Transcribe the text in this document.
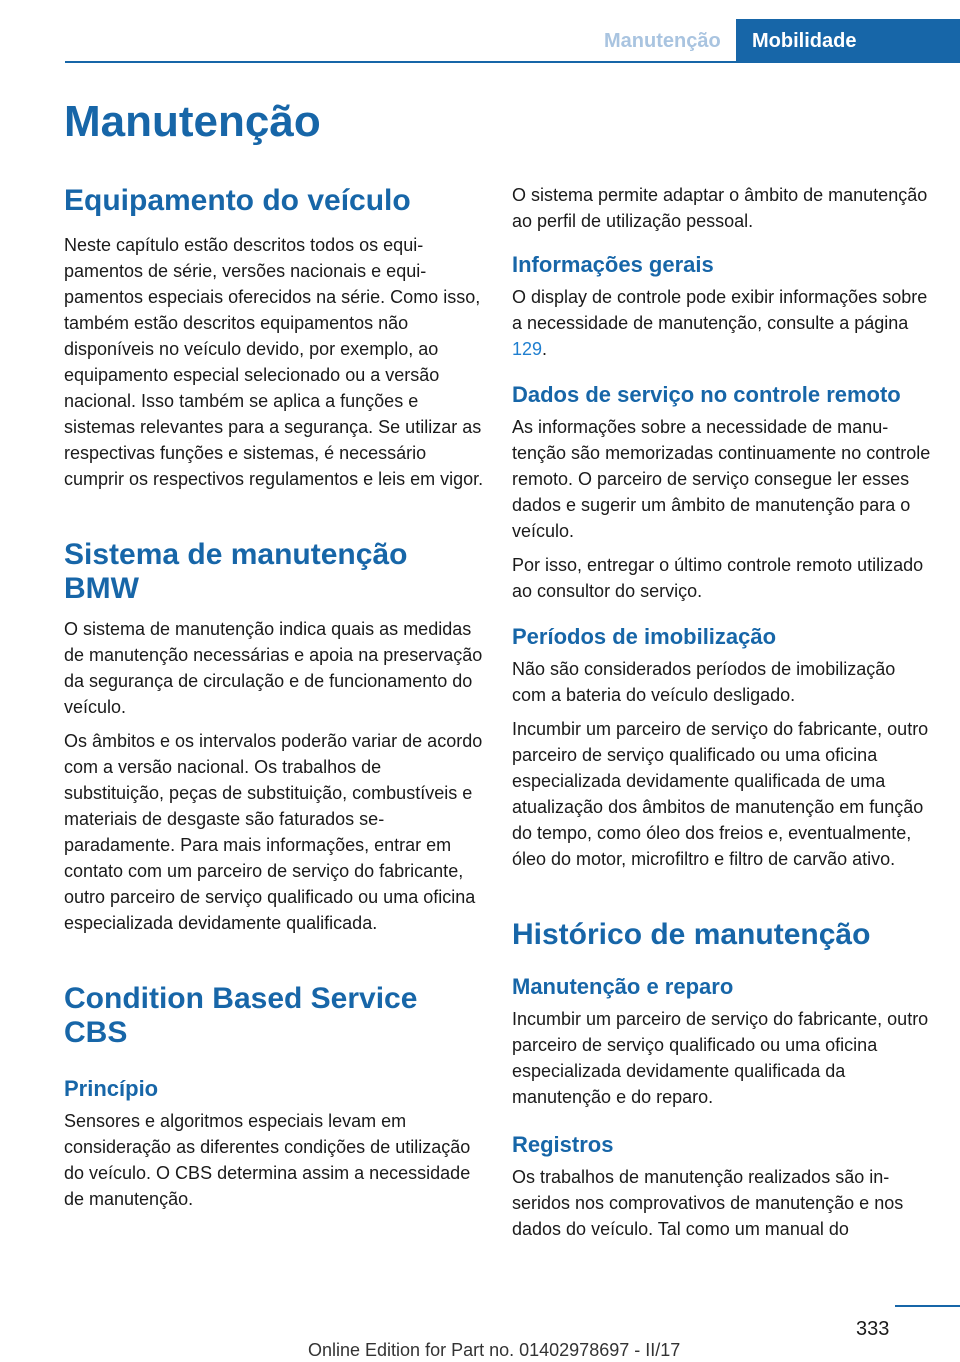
Manutenção Mobilidade
Manutenção
Equipamento do veículo

Neste capítulo estão descritos todos os equipamentos de série, versões nacionais e equipamentos especiais oferecidos na série. Como isso, também estão descritos equipamentos não disponíveis no veículo devido, por exemplo, ao equipamento especial selecionado ou a versão nacional. Isso também se aplica a funções e sistemas relevantes para a segurança. Se utilizar as respectivas funções e sistemas, é necessário cumprir os respectivos regulamentos e leis em vigor.

Sistema de manutenção BMW

O sistema de manutenção indica quais as medidas de manutenção necessárias e apoia na preservação da segurança de circulação e de funcionamento do veículo.

Os âmbitos e os intervalos poderão variar de acordo com a versão nacional. Os trabalhos de substituição, peças de substituição, combustíveis e materiais de desgaste são faturados separadamente. Para mais informações, entrar em contato com um parceiro de serviço do fabricante, outro parceiro de serviço qualificado ou uma oficina especializada devidamente qualificada.

Condition Based Service CBS
Princípio

Sensores e algoritmos especiais levam em consideração as diferentes condições de utilização do veículo. O CBS determina assim a necessidade de manutenção.

O sistema permite adaptar o âmbito de manutenção ao perfil de utilização pessoal.

Informações gerais

O display de controle pode exibir informações sobre a necessidade de manutenção, consulte a página 129.

Dados de serviço no controle remoto

As informações sobre a necessidade de manutenção são memorizadas continuamente no controle remoto. O parceiro de serviço consegue ler esses dados e sugerir um âmbito de manutenção para o veículo.

Por isso, entregar o último controle remoto utilizado ao consultor do serviço.

Períodos de imobilização

Não são considerados períodos de imobilização com a bateria do veículo desligado.

Incumbir um parceiro de serviço do fabricante, outro parceiro de serviço qualificado ou uma oficina especializada devidamente qualificada de uma atualização dos âmbitos de manutenção em função do tempo, como óleo dos freios e, eventualmente, óleo do motor, microfiltro e filtro de carvão ativo.

Histórico de manutenção
Manutenção e reparo

Incumbir um parceiro de serviço do fabricante, outro parceiro de serviço qualificado ou uma oficina especializada devidamente qualificada da manutenção e do reparo.

Registros

Os trabalhos de manutenção realizados são inseridos nos comprovativos de manutenção e nos dados do veículo. Tal como um manual do

333
Online Edition for Part no. 01402978697 - II/17
